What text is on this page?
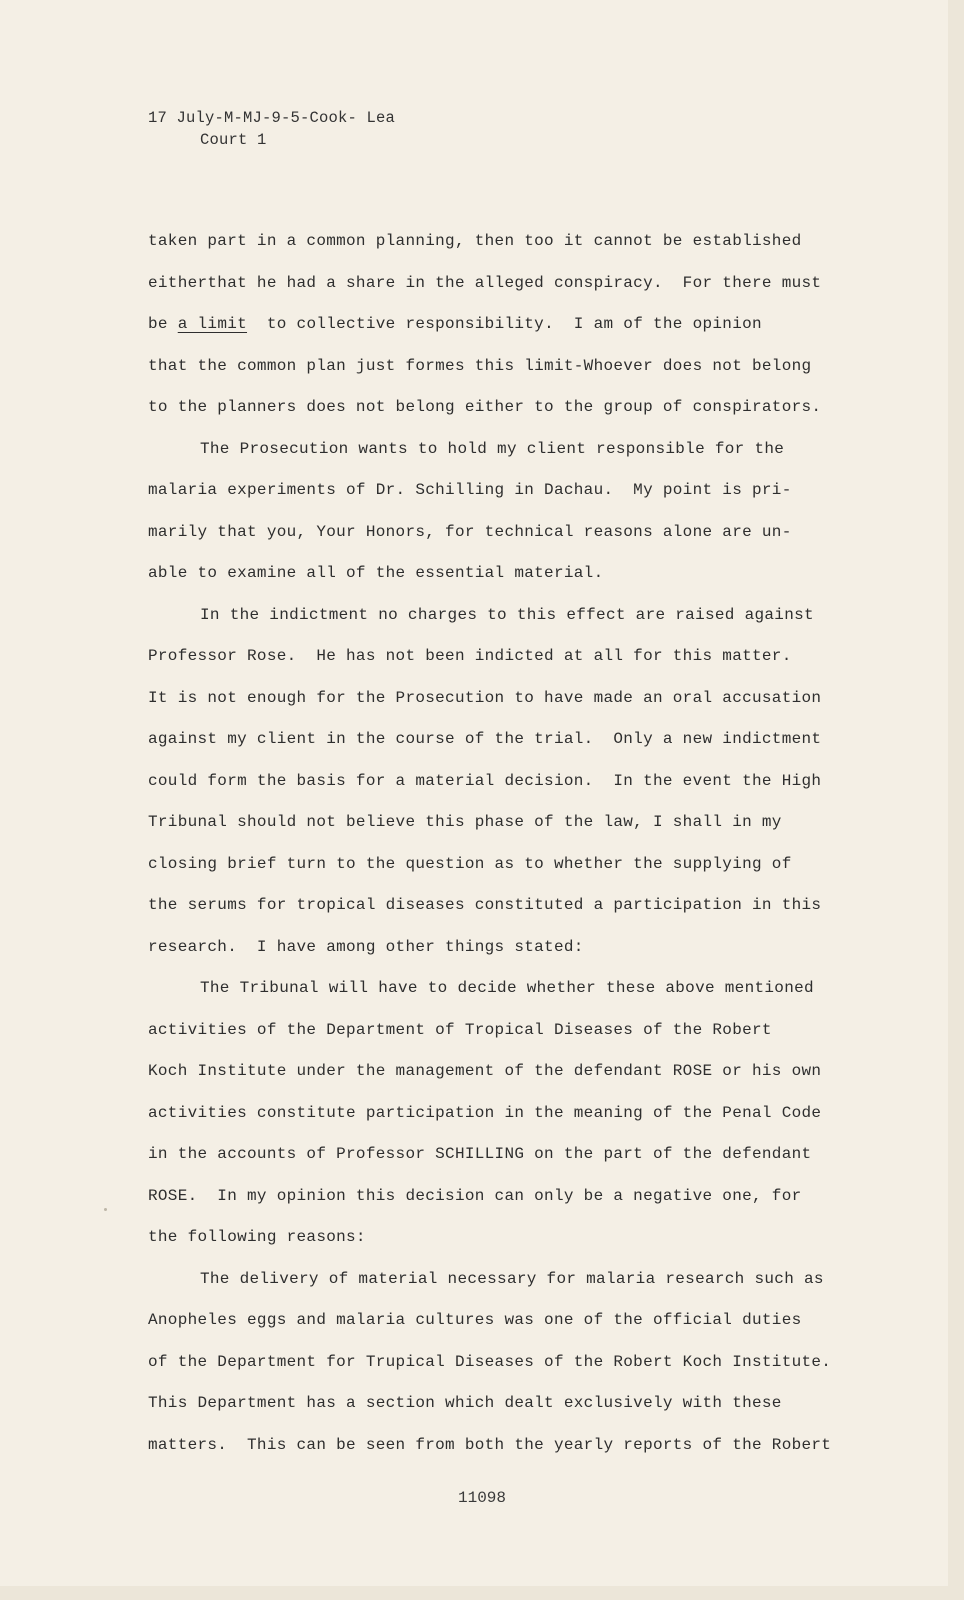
17 July-M-MJ-9-5-Cook- Lea
Court 1
taken part in a common planning, then too it cannot be established
eitherthat he had a share in the alleged conspiracy.  For there must
be a limit  to collective responsibility.  I am of the opinion
that the common plan just formes this limit-Whoever does not belong
to the planners does not belong either to the group of conspirators.
The Prosecution wants to hold my client responsible for the
malaria experiments of Dr. Schilling in Dachau.  My point is pri-
marily that you, Your Honors, for technical reasons alone are un-
able to examine all of the essential material.
In the indictment no charges to this effect are raised against
Professor Rose.  He has not been indicted at all for this matter.
It is not enough for the Prosecution to have made an oral accusation
against my client in the course of the trial.  Only a new indictment
could form the basis for a material decision.  In the event the High
Tribunal should not believe this phase of the law, I shall in my
closing brief turn to the question as to whether the supplying of
the serums for tropical diseases constituted a participation in this
research.  I have among other things stated:
The Tribunal will have to decide whether these above mentioned
activities of the Department of Tropical Diseases of the Robert
Koch Institute under the management of the defendant ROSE or his own
activities constitute participation in the meaning of the Penal Code
in the accounts of Professor SCHILLING on the part of the defendant
ROSE.  In my opinion this decision can only be a negative one, for
the following reasons:
The delivery of material necessary for malaria research such as
Anopheles eggs and malaria cultures was one of the official duties
of the Department for Trupical Diseases of the Robert Koch Institute.
This Department has a section which dealt exclusively with these
matters.  This can be seen from both the yearly reports of the Robert
11098
